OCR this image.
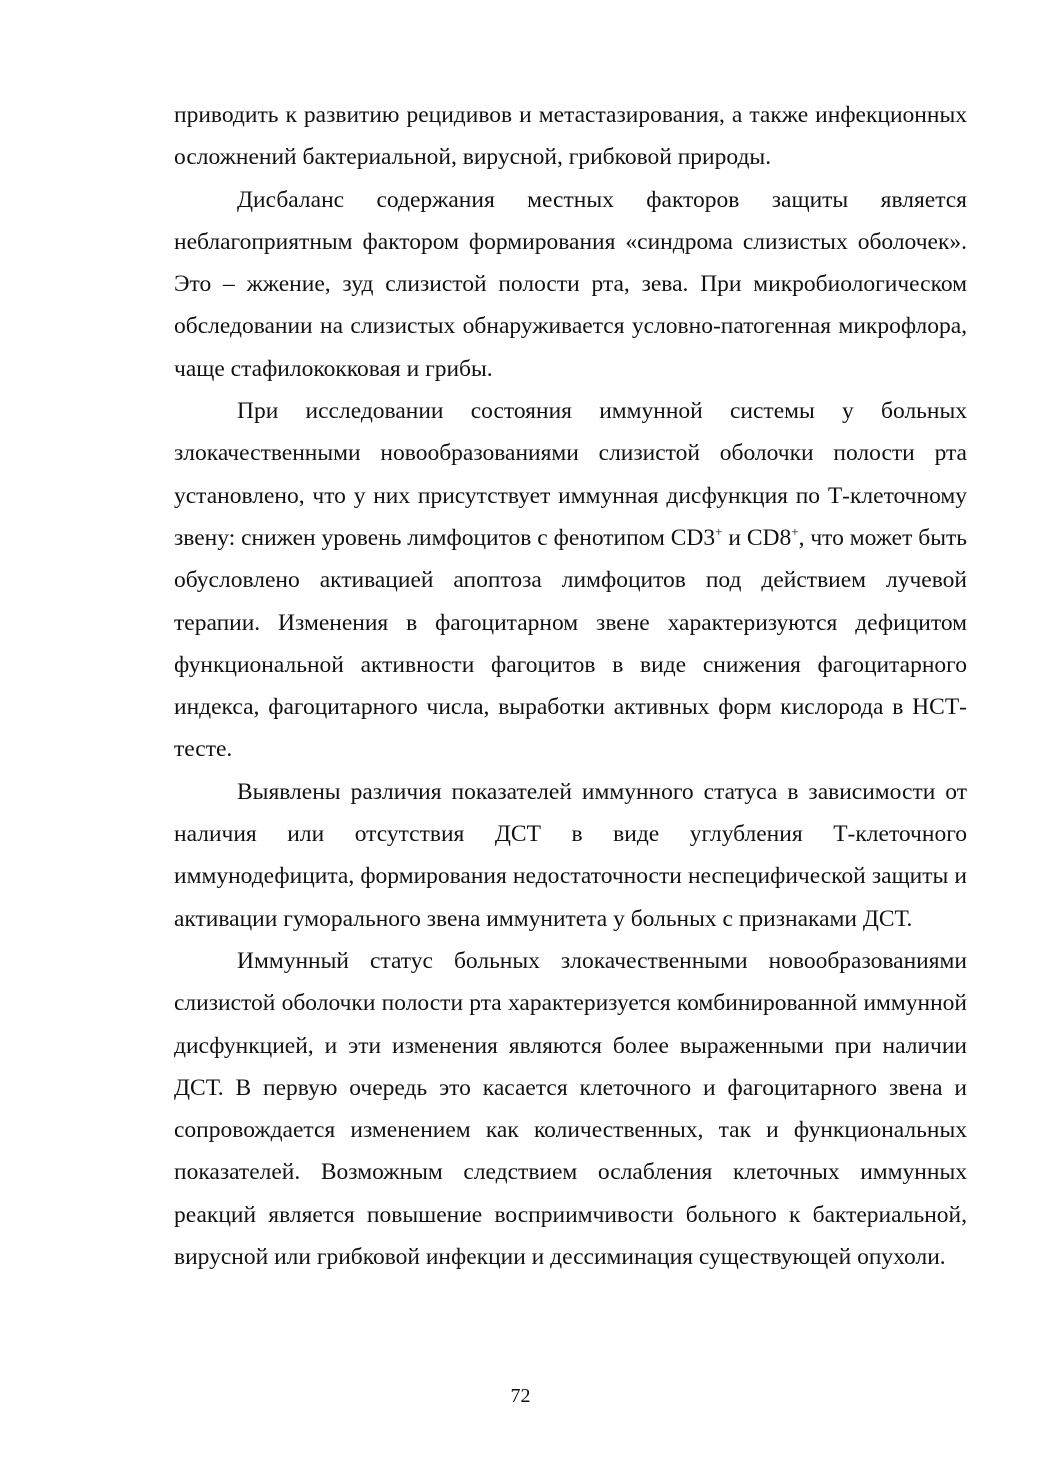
приводить к развитию рецидивов и метастазирования, а также инфекционных осложнений бактериальной, вирусной, грибковой природы.

Дисбаланс содержания местных факторов защиты является неблагоприятным фактором формирования «синдрома слизистых оболочек». Это – жжение, зуд слизистой полости рта, зева. При микробиологическом обследовании на слизистых обнаруживается условно-патогенная микрофлора, чаще стафилококковая и грибы.

При исследовании состояния иммунной системы у больных злокачественными новообразованиями слизистой оболочки полости рта установлено, что у них присутствует иммунная дисфункция по Т-клеточному звену: снижен уровень лимфоцитов с фенотипом CD3+ и CD8+, что может быть обусловлено активацией апоптоза лимфоцитов под действием лучевой терапии. Изменения в фагоцитарном звене характеризуются дефицитом функциональной активности фагоцитов в виде снижения фагоцитарного индекса, фагоцитарного числа, выработки активных форм кислорода в НСТ-тесте.

Выявлены различия показателей иммунного статуса в зависимости от наличия или отсутствия ДСТ в виде углубления Т-клеточного иммунодефицита, формирования недостаточности неспецифической защиты и активации гуморального звена иммунитета у больных с признаками ДСТ.

Иммунный статус больных злокачественными новообразованиями слизистой оболочки полости рта характеризуется комбинированной иммунной дисфункцией, и эти изменения являются более выраженными при наличии ДСТ. В первую очередь это касается клеточного и фагоцитарного звена и сопровождается изменением как количественных, так и функциональных показателей. Возможным следствием ослабления клеточных иммунных реакций является повышение восприимчивости больного к бактериальной, вирусной или грибковой инфекции и дессиминация существующей опухоли.

72
